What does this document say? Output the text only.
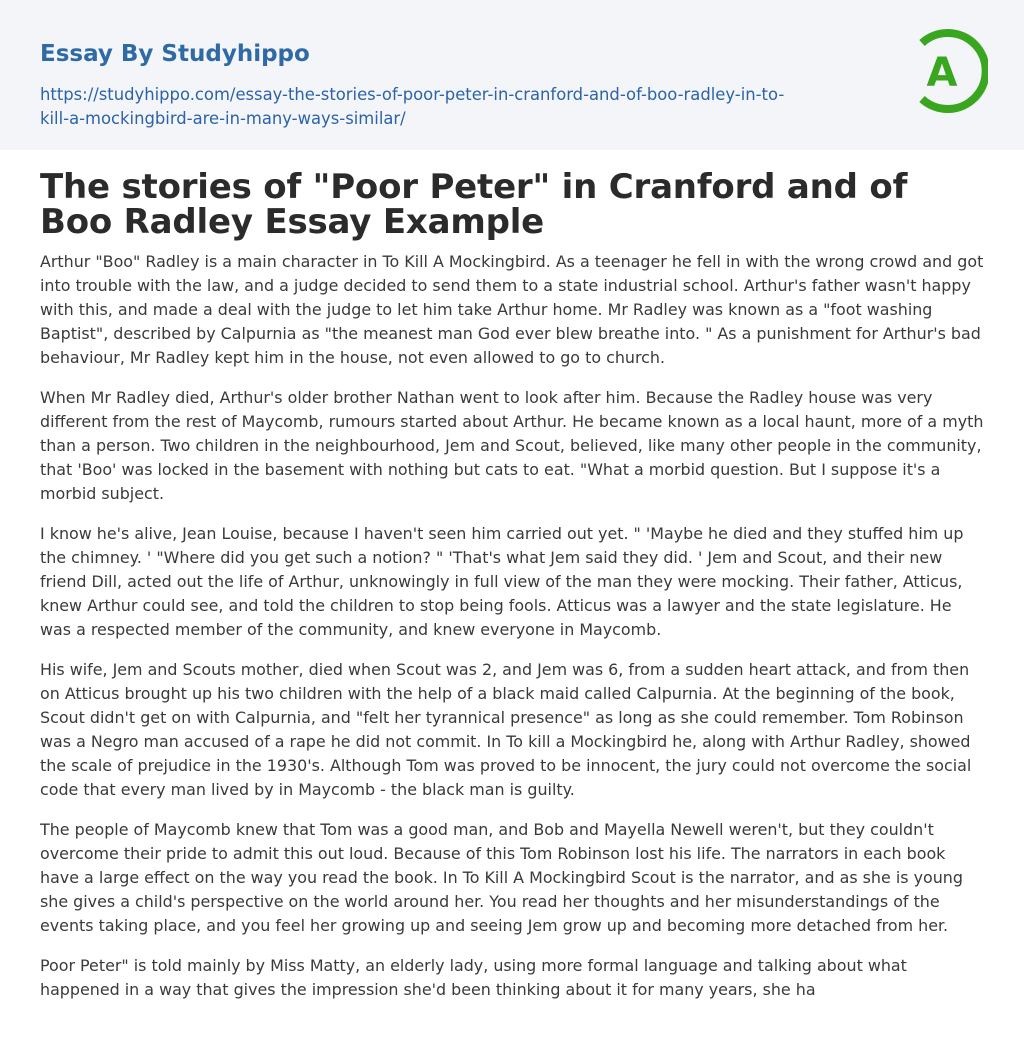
Essay By Studyhippo
https://studyhippo.com/essay-the-stories-of-poor-peter-in-cranford-and-of-boo-radley-in-to-kill-a-mockingbird-are-in-many-ways-similar/
A
The stories of "Poor Peter" in Cranford and of Boo Radley Essay Example

Arthur "Boo" Radley is a main character in To Kill A Mockingbird. As a teenager he fell in with the wrong crowd and got into trouble with the law, and a judge decided to send them to a state industrial school. Arthur's father wasn't happy with this, and made a deal with the judge to let him take Arthur home. Mr Radley was known as a "foot washing Baptist", described by Calpurnia as "the meanest man God ever blew breathe into. " As a punishment for Arthur's bad behaviour, Mr Radley kept him in the house, not even allowed to go to church.

When Mr Radley died, Arthur's older brother Nathan went to look after him. Because the Radley house was very different from the rest of Maycomb, rumours started about Arthur. He became known as a local haunt, more of a myth than a person. Two children in the neighbourhood, Jem and Scout, believed, like many other people in the community, that 'Boo' was locked in the basement with nothing but cats to eat. "What a morbid question. But I suppose it's a morbid subject.

I know he's alive, Jean Louise, because I haven't seen him carried out yet. " 'Maybe he died and they stuffed him up the chimney. ' "Where did you get such a notion? " 'That's what Jem said they did. ' Jem and Scout, and their new friend Dill, acted out the life of Arthur, unknowingly in full view of the man they were mocking. Their father, Atticus, knew Arthur could see, and told the children to stop being fools. Atticus was a lawyer and the state legislature. He was a respected member of the community, and knew everyone in Maycomb.

His wife, Jem and Scouts mother, died when Scout was 2, and Jem was 6, from a sudden heart attack, and from then on Atticus brought up his two children with the help of a black maid called Calpurnia. At the beginning of the book, Scout didn't get on with Calpurnia, and "felt her tyrannical presence" as long as she could remember. Tom Robinson was a Negro man accused of a rape he did not commit. In To kill a Mockingbird he, along with Arthur Radley, showed the scale of prejudice in the 1930's. Although Tom was proved to be innocent, the jury could not overcome the social code that every man lived by in Maycomb - the black man is guilty.

The people of Maycomb knew that Tom was a good man, and Bob and Mayella Newell weren't, but they couldn't overcome their pride to admit this out loud. Because of this Tom Robinson lost his life. The narrators in each book have a large effect on the way you read the book. In To Kill A Mockingbird Scout is the narrator, and as she is young she gives a child's perspective on the world around her. You read her thoughts and her misunderstandings of the events taking place, and you feel her growing up and seeing Jem grow up and becoming more detached from her.

Poor Peter" is told mainly by Miss Matty, an elderly lady, using more formal language and talking about what happened in a way that gives the impression she'd been thinking about it for many years, she ha
